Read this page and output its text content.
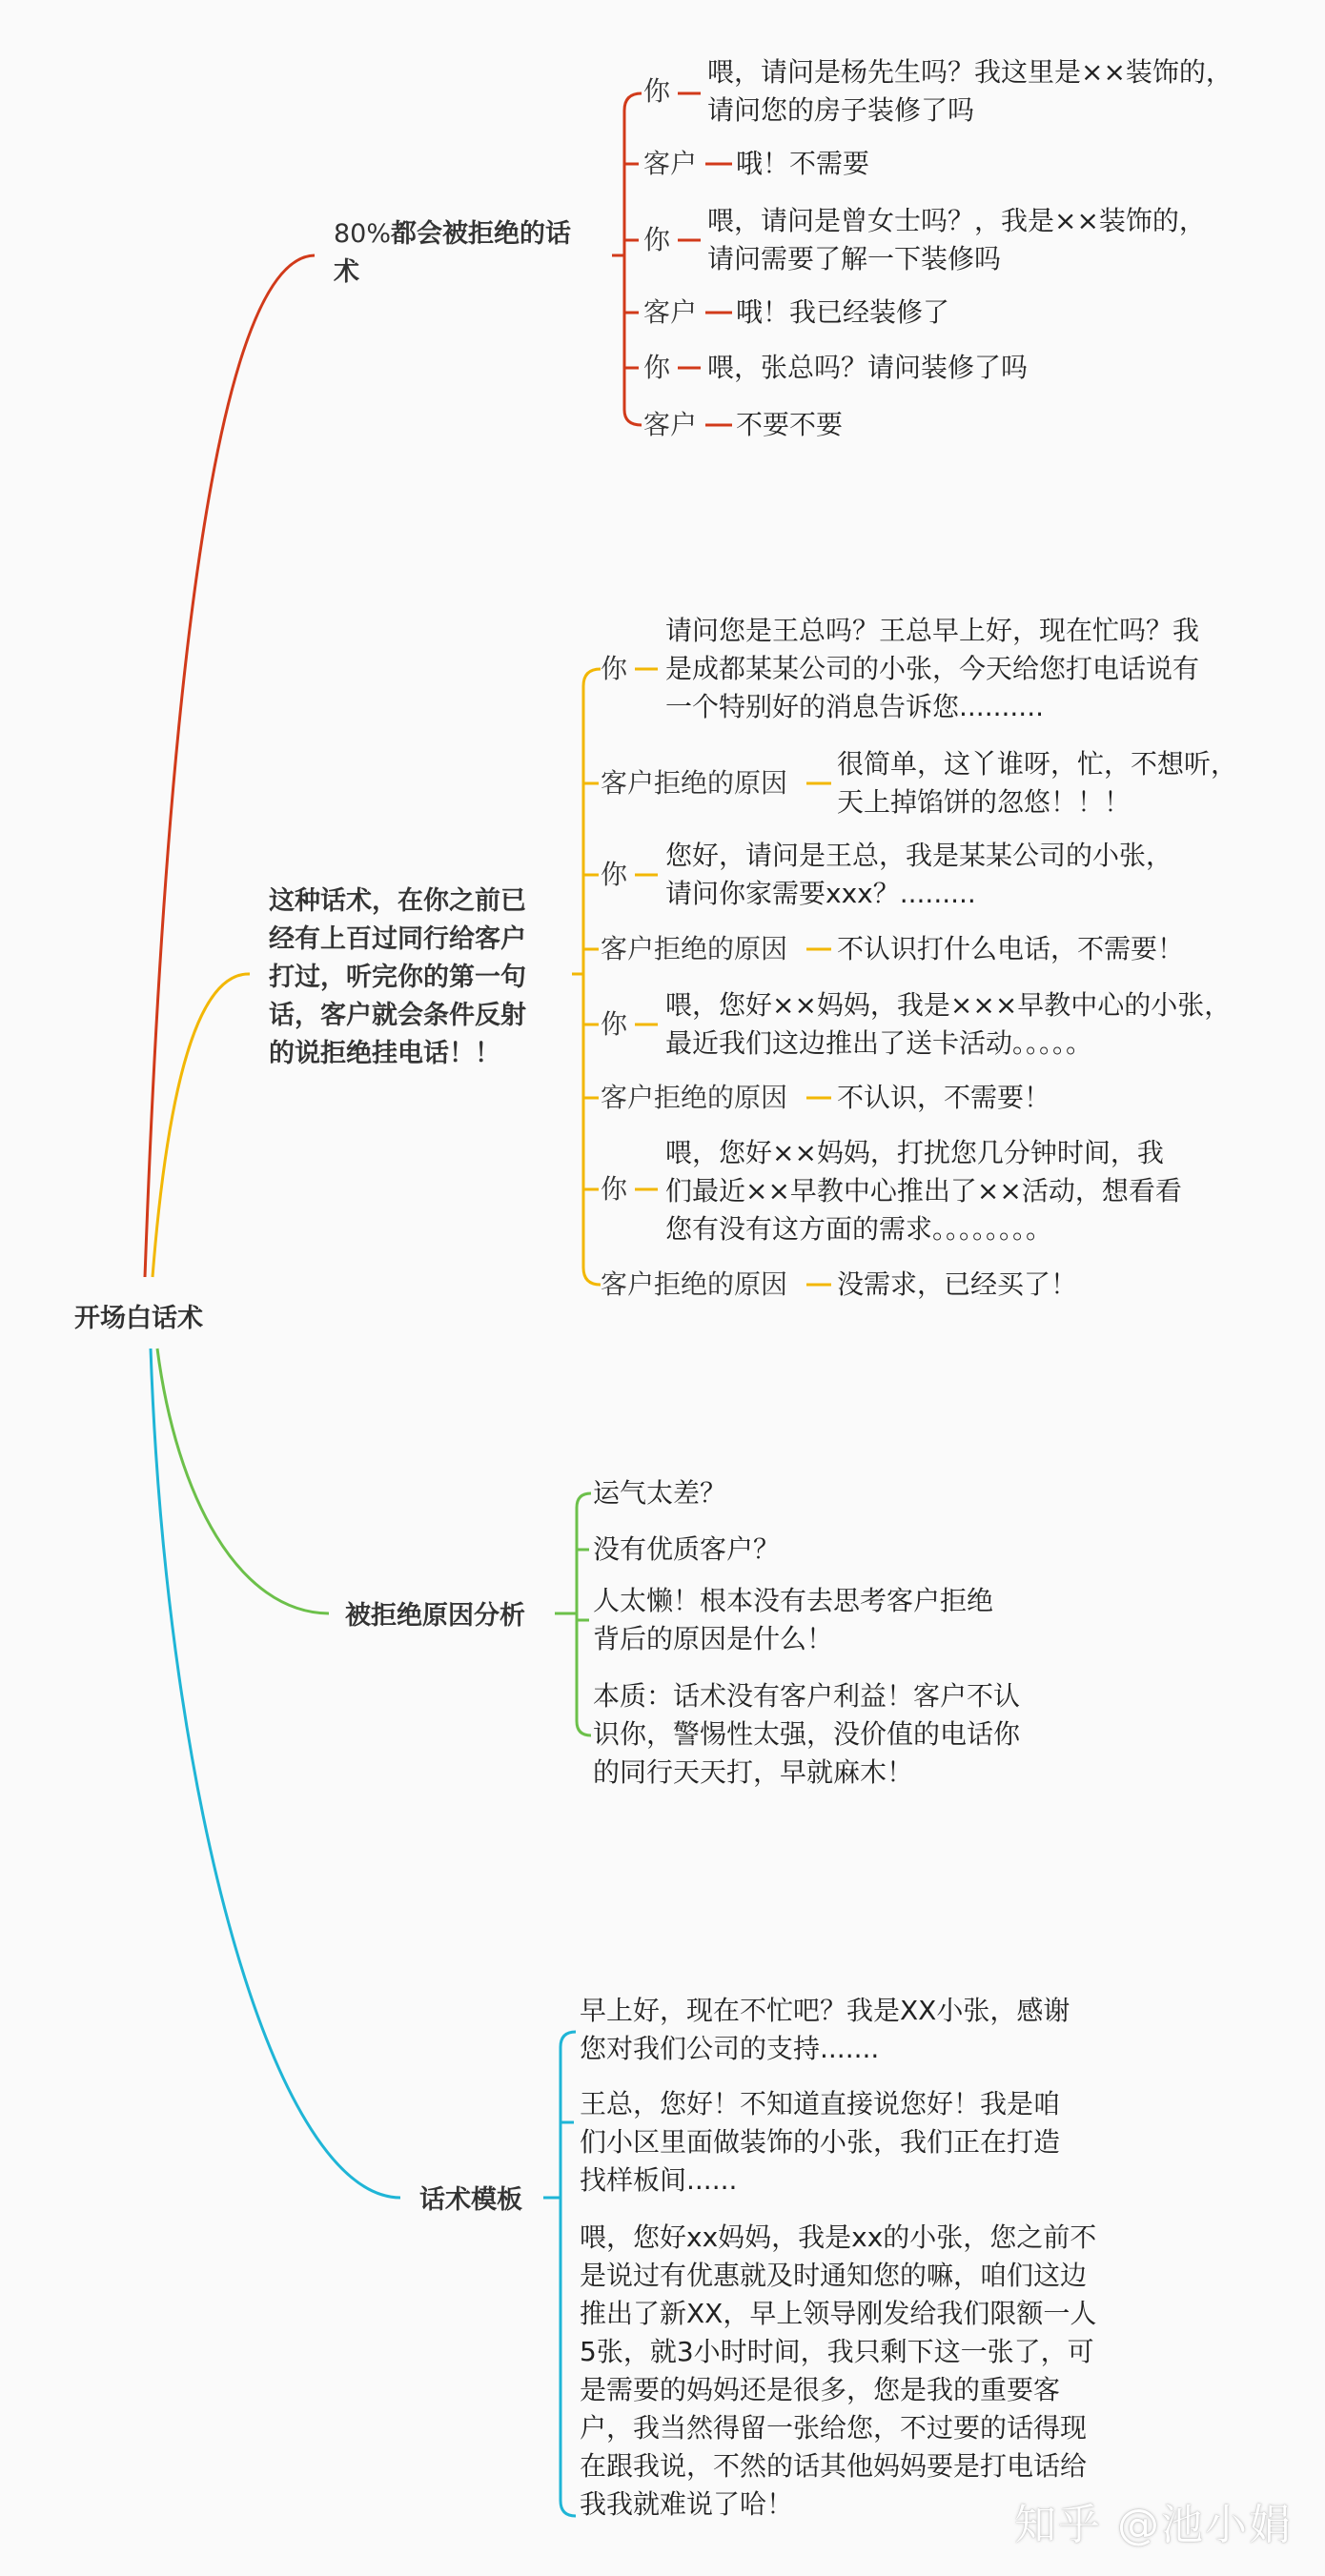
开场白话术
80%都会被拒绝的话
术
你
喂，请问是杨先生吗？我这里是××装饰的，
请问您的房子装修了吗
客户 哦！不需要
你
喂，请问是曾女士吗？，我是××装饰的，
请问需要了解一下装修吗
客户 哦！我已经装修了
你 喂，张总吗？请问装修了吗
客户 不要不要
这种话术，在你之前已
经有上百过同行给客户
打过，听完你的第一句
话，客户就会条件反射
的说拒绝挂电话！！
你
请问您是王总吗？王总早上好，现在忙吗？我
是成都某某公司的小张，今天给您打电话说有
一个特别好的消息告诉您..........
客户拒绝的原因
很简单，这丫谁呀，忙，不想听，
天上掉馅饼的忽悠！！！
你
您好，请问是王总，我是某某公司的小张，
请问你家需要xxx？.........
客户拒绝的原因 不认识打什么电话，不需要！
你
喂，您好××妈妈，我是×××早教中心的小张，
最近我们这边推出了送卡活动。。。。。
客户拒绝的原因 不认识，不需要！
你
喂，您好××妈妈，打扰您几分钟时间，我
们最近××早教中心推出了××活动，想看看
您有没有这方面的需求。。。。。。。。
客户拒绝的原因 没需求，已经买了！
被拒绝原因分析
运气太差？
没有优质客户？
人太懒！根本没有去思考客户拒绝
背后的原因是什么！
本质：话术没有客户利益！客户不认
识你，警惕性太强，没价值的电话你
的同行天天打，早就麻木！
话术模板
早上好，现在不忙吧？我是XX小张，感谢
您对我们公司的支持.......
王总，您好！不知道直接说您好！我是咱
们小区里面做装饰的小张，我们正在打造
找样板间......
喂，您好xx妈妈，我是xx的小张，您之前不
是说过有优惠就及时通知您的嘛，咱们这边
推出了新XX，早上领导刚发给我们限额一人
5张，就3小时时间，我只剩下这一张了，可
是需要的妈妈还是很多，您是我的重要客
户，我当然得留一张给您，不过要的话得现
在跟我说，不然的话其他妈妈要是打电话给
我我就难说了哈！	知乎 @池小娟
